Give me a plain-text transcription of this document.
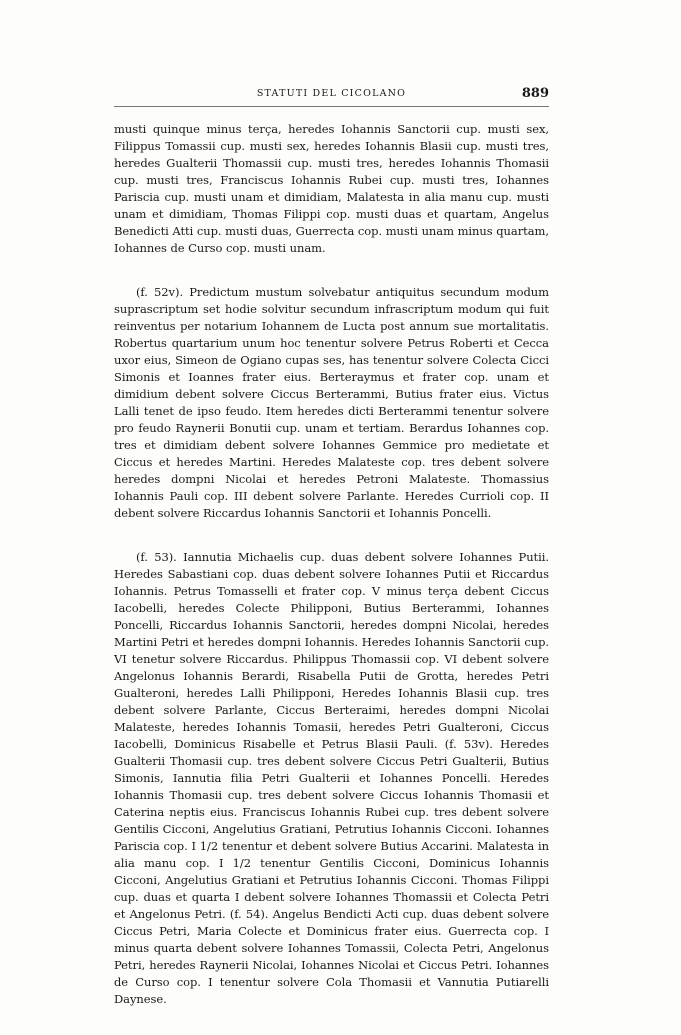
STATUTI DEL CICOLANO	889

musti quinque minus terça, heredes Iohannis Sanctorii cup. musti sex, Filippus Tomassii cup. musti sex, heredes Iohannis Blasii cup. musti tres, heredes Gualterii Thomassii cup. musti tres, heredes Iohannis Thomasii cup. musti tres, Franciscus Iohannis Rubei cup. musti tres, Iohannes Pariscia cup. musti unam et dimidiam, Malatesta in alia manu cup. musti unam et dimidiam, Thomas Filippi cop. musti duas et quartam, Angelus Benedicti Atti cup. musti duas, Guerrecta cop. musti unam minus quartam, Iohannes de Curso cop. musti unam.

(f. 52v). Predictum mustum solvebatur antiquitus secundum modum suprascriptum set hodie solvitur secundum infrascriptum modum qui fuit reinventus per notarium Iohannem de Lucta post annum sue mortalitatis. Robertus quartarium unum hoc tenentur solvere Petrus Roberti et Cecca uxor eius, Simeon de Ogiano cupas ses, has tenentur solvere Colecta Cicci Simonis et Ioannes frater eius. Berteraymus et frater cop. unam et dimidium debent solvere Ciccus Berterammi, Butius frater eius. Victus Lalli tenet de ipso feudo. Item heredes dicti Berterammi tenentur solvere pro feudo Raynerii Bonutii cup. unam et tertiam. Berardus Iohannes cop. tres et dimidiam debent solvere Iohannes Gemmice pro medietate et Ciccus et heredes Martini. Heredes Malateste cop. tres debent solvere heredes dompni Nicolai et heredes Petroni Malateste. Thomassius Iohannis Pauli cop. III debent solvere Parlante. Heredes Currioli cop. II debent solvere Riccardus Iohannis Sanctorii et Iohannis Poncelli.

(f. 53). Iannutia Michaelis cup. duas debent solvere Iohannes Putii. Heredes Sabastiani cop. duas debent solvere Iohannes Putii et Riccardus Iohannis. Petrus Tomasselli et frater cop. V minus terça debent Ciccus Iacobelli, heredes Colecte Philipponi, Butius Berterammi, Iohannes Poncelli, Riccardus Iohannis Sanctorii, heredes dompni Nicolai, heredes Martini Petri et heredes dompni Iohannis. Heredes Iohannis Sanctorii cup. VI tenetur solvere Riccardus. Philippus Thomassii cop. VI debent solvere Angelonus Iohannis Berardi, Risabella Putii de Grotta, heredes Petri Gualteroni, heredes Lalli Philipponi, Heredes Iohannis Blasii cup. tres debent solvere Parlante, Ciccus Berteraimi, heredes dompni Nicolai Malateste, heredes Iohannis Tomasii, heredes Petri Gualteroni, Ciccus Iacobelli, Dominicus Risabelle et Petrus Blasii Pauli. (f. 53v). Heredes Gualterii Thomasii cup. tres debent solvere Ciccus Petri Gualterii, Butius Simonis, Iannutia filia Petri Gualterii et Iohannes Poncelli. Heredes Iohannis Thomasii cup. tres debent solvere Ciccus Iohannis Thomasii et Caterina neptis eius. Franciscus Iohannis Rubei cup. tres debent solvere Gentilis Cicconi, Angelutius Gratiani, Petrutius Iohannis Cicconi. Iohannes Pariscia cop. I 1/2 tenentur et debent solvere Butius Accarini. Malatesta in alia manu cop. I 1/2 tenentur Gentilis Cicconi, Dominicus Iohannis Cicconi, Angelutius Gratiani et Petrutius Iohannis Cicconi. Thomas Filippi cup. duas et quarta I debent solvere Iohannes Thomassii et Colecta Petri et Angelonus Petri. (f. 54). Angelus Bendicti Acti cup. duas debent solvere Ciccus Petri, Maria Colecte et Dominicus frater eius. Guerrecta cop. I minus quarta debent solvere Iohannes Tomassii, Colecta Petri, Angelonus Petri, heredes Raynerii Nicolai, Iohannes Nicolai et Ciccus Petri. Iohannes de Curso cop. I tenentur solvere Cola Thomasii et Vannutia Putiarelli Daynese.
